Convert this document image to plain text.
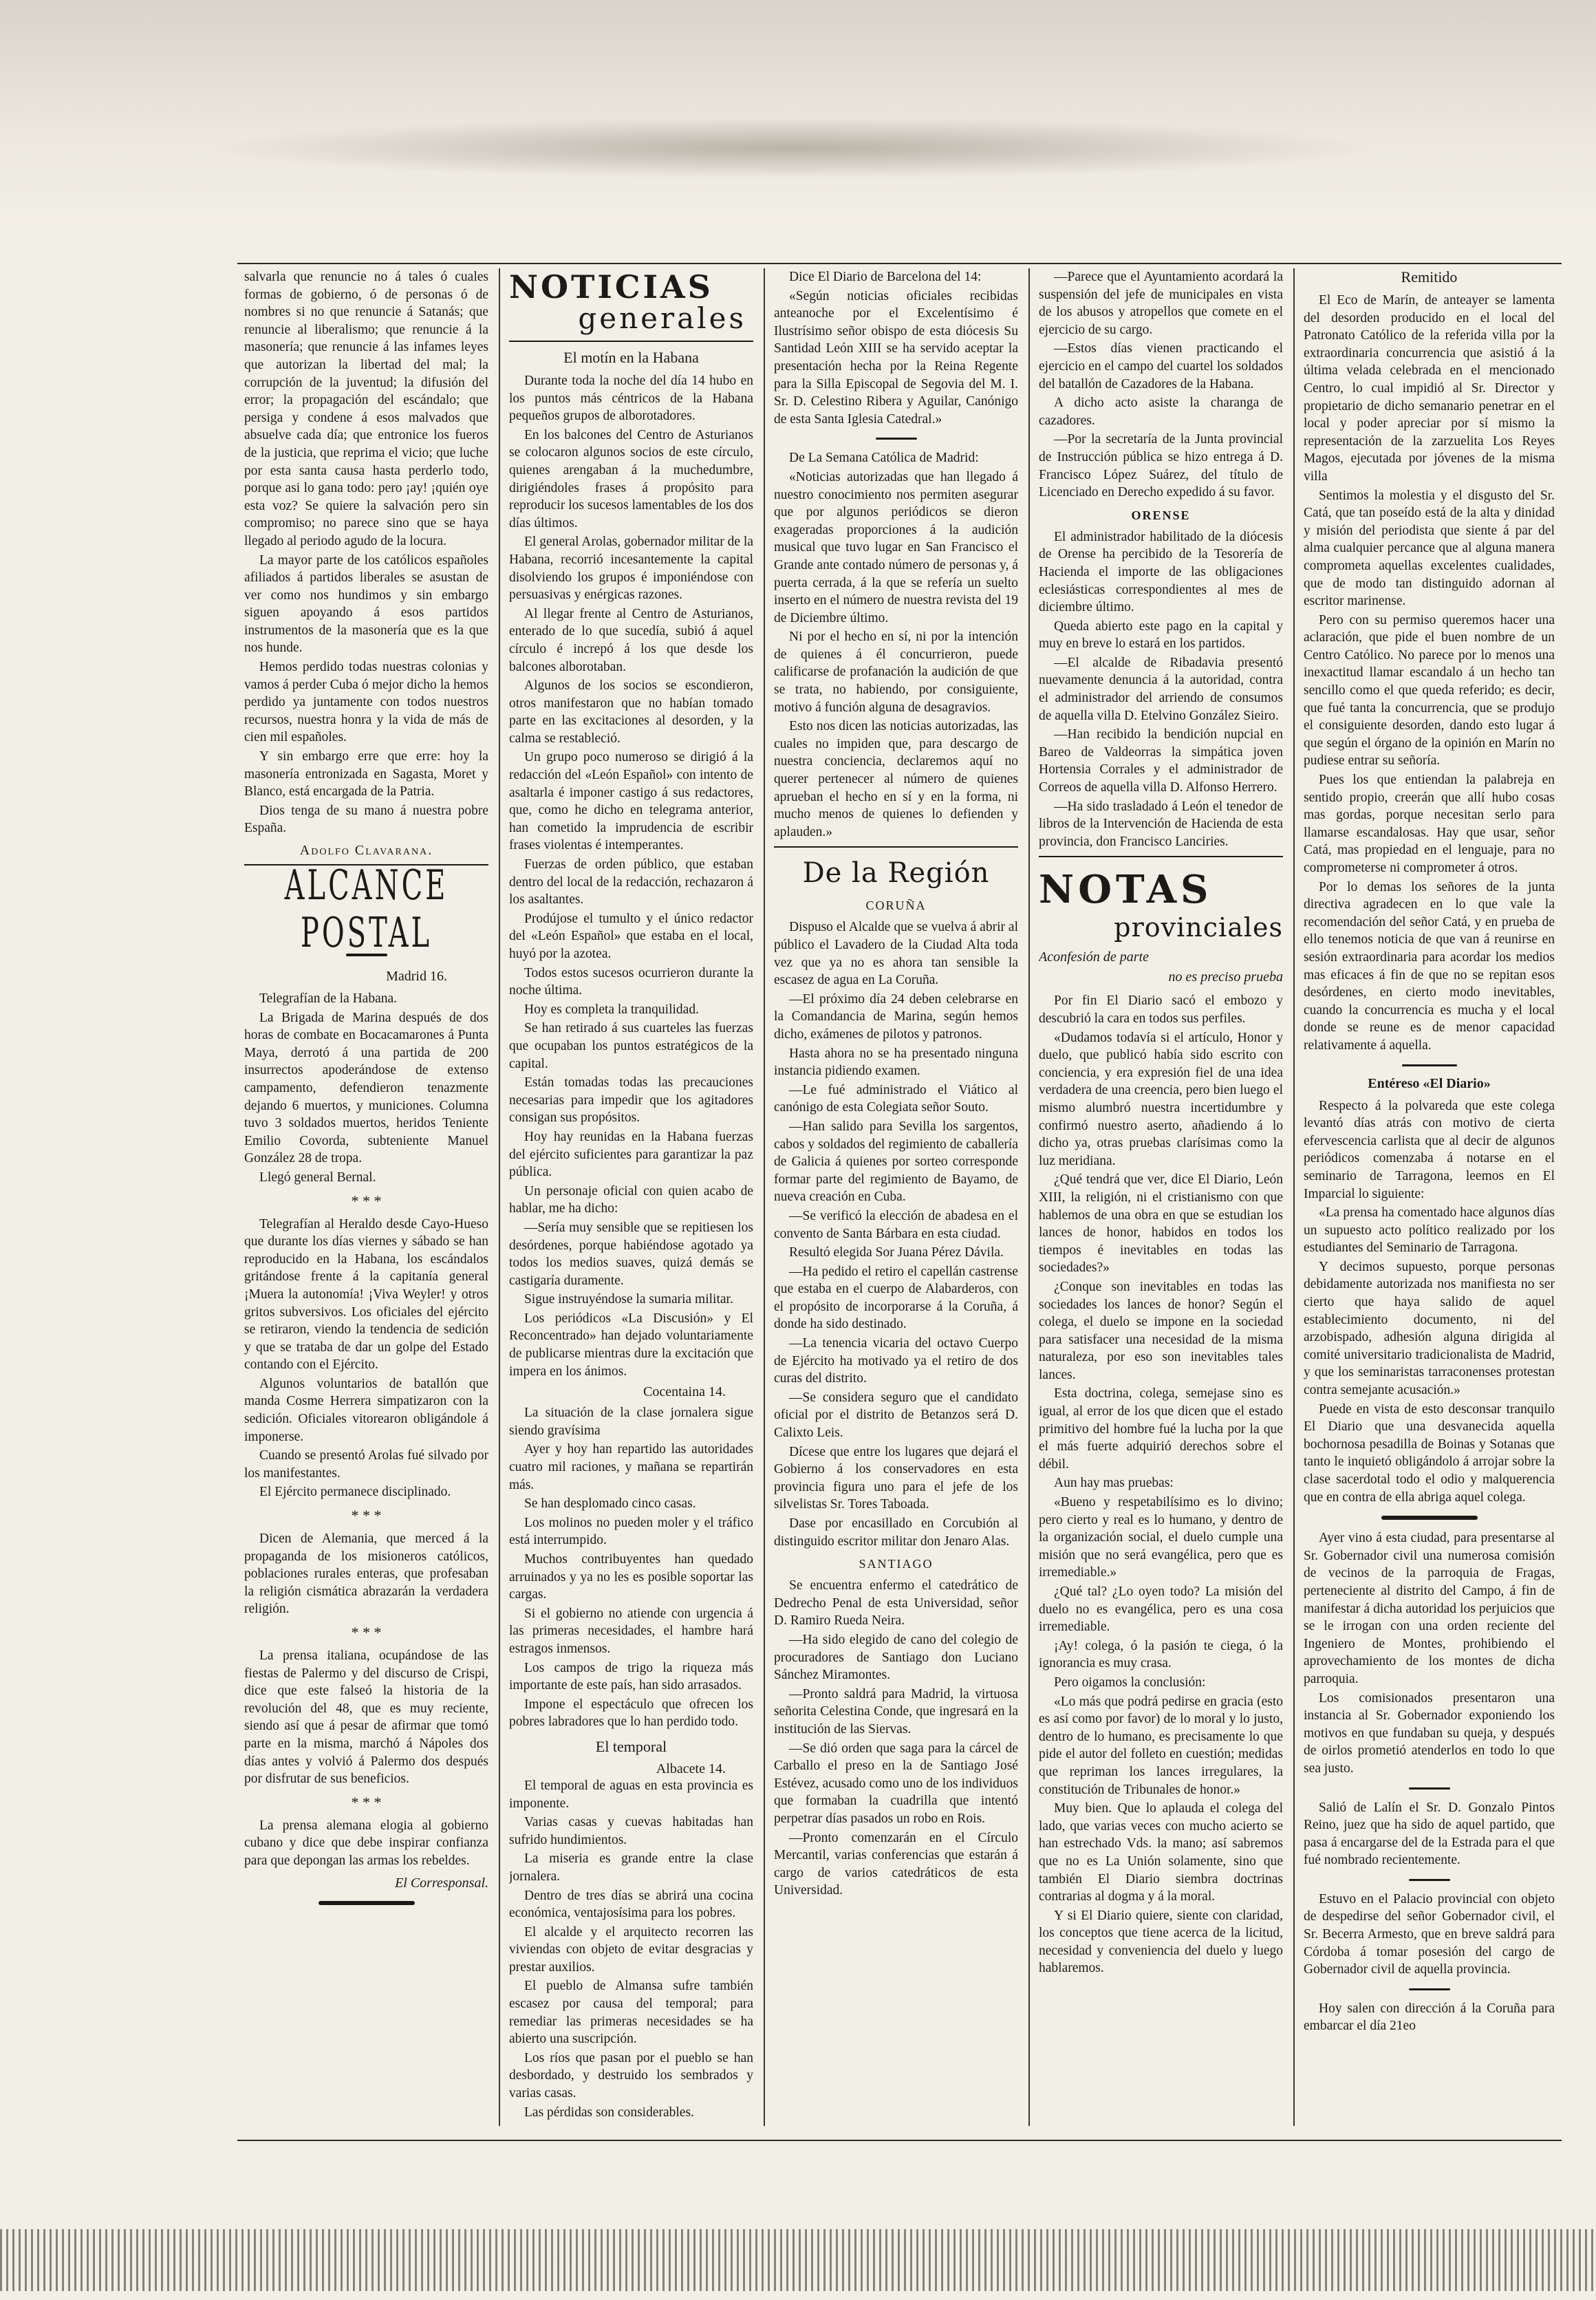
salvarla que renuncie no á tales ó cuales formas de gobierno, ó de personas ó de nombres si no que renuncie á Satanás; que renuncie al liberalismo; que renuncie á la masonería; que renuncie á las infames leyes que autorizan la libertad del mal; la corrupción de la juventud; la difusión del error; la propagación del escándalo; que persiga y condene á esos malvados que absuelve cada día; que entronice los fueros de la justicia, que reprima el vicio; que luche por esta santa causa hasta perderlo todo, porque asi lo gana todo: pero ¡ay! ¡quién oye esta voz? Se quiere la salvación pero sin compromiso; no parece sino que se haya llegado al periodo agudo de la locura.

La mayor parte de los católicos españoles afiliados á partidos liberales se asustan de ver como nos hundimos y sin embargo siguen apoyando á esos partidos instrumentos de la masonería que es la que nos hunde.

Hemos perdido todas nuestras colonias y vamos á perder Cuba ó mejor dicho la hemos perdido ya juntamente con todos nuestros recursos, nuestra honra y la vida de más de cien mil españoles.

Y sin embargo erre que erre: hoy la masonería entronizada en Sagasta, Moret y Blanco, está encargada de la Patria.

Dios tenga de su mano á nuestra pobre España.

Adolfo Clavarana.
ALCANCE POSTAL
Madrid 16.

Telegrafían de la Habana.

La Brigada de Marina después de dos horas de combate en Bocacamarones á Punta Maya, derrotó á una partida de 200 insurrectos apoderándose de extenso campamento, defendieron tenazmente dejando 6 muertos, y municiones. Columna tuvo 3 soldados muertos, heridos Teniente Emilio Covorda, subteniente Manuel González 28 de tropa.

Llegó general Bernal.

* * *

Telegrafían al Heraldo desde Cayo-Hueso que durante los días viernes y sábado se han reproducido en la Habana, los escándalos gritándose frente á la capitanía general ¡Muera la autonomía! ¡Viva Weyler! y otros gritos subversivos. Los oficiales del ejército se retiraron, viendo la tendencia de sedición y que se trataba de dar un golpe del Estado contando con el Ejército.

Algunos voluntarios de batallón que manda Cosme Herrera simpatizaron con la sedición. Oficiales vitorearon obligándole á imponerse.

Cuando se presentó Arolas fué silvado por los manifestantes.

El Ejército permanece disciplinado.

* * *

Dicen de Alemania, que merced á la propaganda de los misioneros católicos, poblaciones rurales enteras, que profesaban la religión cismática abrazarán la verdadera religión.

* * *

La prensa italiana, ocupándose de las fiestas de Palermo y del discurso de Crispi, dice que este falseó la historia de la revolución del 48, que es muy reciente, siendo así que á pesar de afirmar que tomó parte en la misma, marchó á Nápoles dos días antes y volvió á Palermo dos después por disfrutar de sus beneficios.

* * *

La prensa alemana elogia al gobierno cubano y dice que debe inspirar confianza para que depongan las armas los rebeldes.

El Corresponsal.
NOTICIAS
generales
El motín en la Habana

Durante toda la noche del día 14 hubo en los puntos más céntricos de la Habana pequeños grupos de alborotadores.

En los balcones del Centro de Asturianos se colocaron algunos socios de este círculo, quienes arengaban á la muchedumbre, dirigiéndoles frases á propósito para reproducir los sucesos lamentables de los dos días últimos.

El general Arolas, gobernador militar de la Habana, recorrió incesantemente la capital disolviendo los grupos é imponiéndose con persuasivas y enérgicas razones.

Al llegar frente al Centro de Asturianos, enterado de lo que sucedía, subió á aquel círculo é increpó á los que desde los balcones alborotaban.

Algunos de los socios se escondieron, otros manifestaron que no habían tomado parte en las excitaciones al desorden, y la calma se restableció.

Un grupo poco numeroso se dirigió á la redacción del «León Español» con intento de asaltarla é imponer castigo á sus redactores, que, como he dicho en telegrama anterior, han cometido la imprudencia de escribir frases violentas é intemperantes.

Fuerzas de orden público, que estaban dentro del local de la redacción, rechazaron á los asaltantes.

Prodújose el tumulto y el único redactor del «León Español» que estaba en el local, huyó por la azotea.

Todos estos sucesos ocurrieron durante la noche última.

Hoy es completa la tranquilidad.

Se han retirado á sus cuarteles las fuerzas que ocupaban los puntos estratégicos de la capital.

Están tomadas todas las precauciones necesarias para impedir que los agitadores consigan sus propósitos.

Hoy hay reunidas en la Habana fuerzas del ejército suficientes para garantizar la paz pública.

Un personaje oficial con quien acabo de hablar, me ha dicho:

—Sería muy sensible que se repitiesen los desórdenes, porque habiéndose agotado ya todos los medios suaves, quizá demás se castigaría duramente.

Sigue instruyéndose la sumaria militar.

Los periódicos «La Discusión» y El Reconcentrado» han dejado voluntariamente de publicarse mientras dure la excitación que impera en los ánimos.

Cocentaina 14.

La situación de la clase jornalera sigue siendo gravísima

Ayer y hoy han repartido las autoridades cuatro mil raciones, y mañana se repartirán más.

Se han desplomado cinco casas.

Los molinos no pueden moler y el tráfico está interrumpido.

Muchos contribuyentes han quedado arruinados y ya no les es posible soportar las cargas.

Si el gobierno no atiende con urgencia á las primeras necesidades, el hambre hará estragos inmensos.

Los campos de trigo la riqueza más importante de este país, han sido arrasados.

Impone el espectáculo que ofrecen los pobres labradores que lo han perdido todo.

El temporal
Albacete 14.

El temporal de aguas en esta provincia es imponente.

Varias casas y cuevas habitadas han sufrido hundimientos.

La miseria es grande entre la clase jornalera.

Dentro de tres días se abrirá una cocina económica, ventajosísima para los pobres.

El alcalde y el arquitecto recorren las viviendas con objeto de evitar desgracias y prestar auxilios.

El pueblo de Almansa sufre también escasez por causa del temporal; para remediar las primeras necesidades se ha abierto una suscripción.

Los ríos que pasan por el pueblo se han desbordado, y destruido los sembrados y varias casas.

Las pérdidas son considerables.

Dice El Diario de Barcelona del 14:

«Según noticias oficiales recibidas anteanoche por el Excelentísimo é Ilustrísimo señor obispo de esta diócesis Su Santidad León XIII se ha servido aceptar la presentación hecha por la Reina Regente para la Silla Episcopal de Segovia del M. I. Sr. D. Celestino Ribera y Aguilar, Canónigo de esta Santa Iglesia Catedral.»

De La Semana Católica de Madrid:

«Noticias autorizadas que han llegado á nuestro conocimiento nos permiten asegurar que por algunos periódicos se dieron exageradas proporciones á la audición musical que tuvo lugar en San Francisco el Grande ante contado número de personas y, á puerta cerrada, á la que se refería un suelto inserto en el número de nuestra revista del 19 de Diciembre último.

Ni por el hecho en sí, ni por la intención de quienes á él concurrieron, puede calificarse de profanación la audición de que se trata, no habiendo, por consiguiente, motivo á función alguna de desagravios.

Esto nos dicen las noticias autorizadas, las cuales no impiden que, para descargo de nuestra conciencia, declaremos aquí no querer pertenecer al número de quienes aprueban el hecho en sí y en la forma, ni mucho menos de quienes lo defienden y aplauden.»

De la Región
CORUÑA

Dispuso el Alcalde que se vuelva á abrir al público el Lavadero de la Ciudad Alta toda vez que ya no es ahora tan sensible la escasez de agua en La Coruña.

—El próximo día 24 deben celebrarse en la Comandancia de Marina, según hemos dicho, exámenes de pilotos y patronos.

Hasta ahora no se ha presentado ninguna instancia pidiendo examen.

—Le fué administrado el Viático al canónigo de esta Colegiata señor Souto.

—Han salido para Sevilla los sargentos, cabos y soldados del regimiento de caballería de Galicia á quienes por sorteo corresponde formar parte del regimiento de Bayamo, de nueva creación en Cuba.

—Se verificó la elección de abadesa en el convento de Santa Bárbara en esta ciudad.

Resultó elegida Sor Juana Pérez Dávila.

—Ha pedido el retiro el capellán castrense que estaba en el cuerpo de Alabarderos, con el propósito de incorporarse á la Coruña, á donde ha sido destinado.

—La tenencia vicaria del octavo Cuerpo de Ejército ha motivado ya el retiro de dos curas del distrito.

—Se considera seguro que el candidato oficial por el distrito de Betanzos será D. Calixto Leis.

Dícese que entre los lugares que dejará el Gobierno á los conservadores en esta provincia figura uno para el jefe de los silvelistas Sr. Tores Taboada.

Dase por encasillado en Corcubión al distinguido escritor militar don Jenaro Alas.

SANTIAGO

Se encuentra enfermo el catedrático de Dedrecho Penal de esta Universidad, señor D. Ramiro Rueda Neira.

—Ha sido elegido de cano del colegio de procuradores de Santiago don Luciano Sánchez Miramontes.

—Pronto saldrá para Madrid, la virtuosa señorita Celestina Conde, que ingresará en la institución de las Siervas.

—Se dió orden que saga para la cárcel de Carballo el preso en la de Santiago José Estévez, acusado como uno de los individuos que formaban la cuadrilla que intentó perpetrar días pasados un robo en Rois.

—Pronto comenzarán en el Círculo Mercantil, varias conferencias que estarán á cargo de varios catedráticos de esta Universidad.

—Parece que el Ayuntamiento acordará la suspensión del jefe de municipales en vista de los abusos y atropellos que comete en el ejercicio de su cargo.

—Estos días vienen practicando el ejercicio en el campo del cuartel los soldados del batallón de Cazadores de la Habana.

A dicho acto asiste la charanga de cazadores.

—Por la secretaría de la Junta provincial de Instrucción pública se hizo entrega á D. Francisco López Suárez, del título de Licenciado en Derecho expedido á su favor.

ORENSE

El administrador habilitado de la diócesis de Orense ha percibido de la Tesorería de Hacienda el importe de las obligaciones eclesiásticas correspondientes al mes de diciembre último.

Queda abierto este pago en la capital y muy en breve lo estará en los partidos.

—El alcalde de Ribadavia presentó nuevamente denuncia á la autoridad, contra el administrador del arriendo de consumos de aquella villa D. Etelvino González Sieiro.

—Han recibido la bendición nupcial en Bareo de Valdeorras la simpática joven Hortensia Corrales y el administrador de Correos de aquella villa D. Alfonso Herrero.

—Ha sido trasladado á León el tenedor de libros de la Intervención de Hacienda de esta provincia, don Francisco Lanciries.

NOTAS
provinciales
Aconfesión de parte
no es preciso prueba

Por fin El Diario sacó el embozo y descubrió la cara en todos sus perfiles.

«Dudamos todavía si el artículo, Honor y duelo, que publicó había sido escrito con conciencia, y era expresión fiel de una idea verdadera de una creencia, pero bien luego el mismo alumbró nuestra incertidumbre y confirmó nuestro aserto, añadiendo á lo dicho ya, otras pruebas clarísimas como la luz meridiana.

¿Qué tendrá que ver, dice El Diario, León XIII, la religión, ni el cristianismo con que hablemos de una obra en que se estudian los lances de honor, habidos en todos los tiempos é inevitables en todas las sociedades?»

¿Conque son inevitables en todas las sociedades los lances de honor? Según el colega, el duelo se impone en la sociedad para satisfacer una necesidad de la misma naturaleza, por eso son inevitables tales lances.

Esta doctrina, colega, semejase sino es igual, al error de los que dicen que el estado primitivo del hombre fué la lucha por la que el más fuerte adquirió derechos sobre el débil.

Aun hay mas pruebas:

«Bueno y respetabilísimo es lo divino; pero cierto y real es lo humano, y dentro de la organización social, el duelo cumple una misión que no será evangélica, pero que es irremediable.»

¿Qué tal? ¿Lo oyen todo? La misión del duelo no es evangélica, pero es una cosa irremediable.

¡Ay! colega, ó la pasión te ciega, ó la ignorancia es muy crasa.

Pero oigamos la conclusión:

«Lo más que podrá pedirse en gracia (esto es así como por favor) de lo moral y lo justo, dentro de lo humano, es precisamente lo que pide el autor del folleto en cuestión; medidas que repriman los lances irregulares, la constitución de Tribunales de honor.»

Muy bien. Que lo aplauda el colega del lado, que varias veces con mucho acierto se han estrechado Vds. la mano; así sabremos que no es La Unión solamente, sino que también El Diario siembra doctrinas contrarias al dogma y á la moral.

Y si El Diario quiere, siente con claridad, los conceptos que tiene acerca de la licitud, necesidad y conveniencia del duelo y luego hablaremos.

Remitido

El Eco de Marín, de anteayer se lamenta del desorden producido en el local del Patronato Católico de la referida villa por la extraordinaria concurrencia que asistió á la última velada celebrada en el mencionado Centro, lo cual impidió al Sr. Director y propietario de dicho semanario penetrar en el local y poder apreciar por sí mismo la representación de la zarzuelita Los Reyes Magos, ejecutada por jóvenes de la misma villa

Sentimos la molestia y el disgusto del Sr. Catá, que tan poseído está de la alta y dinidad y misión del periodista que siente á par del alma cualquier percance que al alguna manera comprometa aquellas excelentes cualidades, que de modo tan distinguido adornan al escritor marinense.

Pero con su permiso queremos hacer una aclaración, que pide el buen nombre de un Centro Católico. No parece por lo menos una inexactitud llamar escandalo á un hecho tan sencillo como el que queda referido; es decir, que fué tanta la concurrencia, que se produjo el consiguiente desorden, dando esto lugar á que según el órgano de la opinión en Marín no pudiese entrar su señoría.

Pues los que entiendan la palabreja en sentido propio, creerán que allí hubo cosas mas gordas, porque necesitan serlo para llamarse escandalosas. Hay que usar, señor Catá, mas propiedad en el lenguaje, para no comprometerse ni comprometer á otros.

Por lo demas los señores de la junta directiva agradecen en lo que vale la recomendación del señor Catá, y en prueba de ello tenemos noticia de que van á reunirse en sesión extraordinaria para acordar los medios mas eficaces á fin de que no se repitan esos desórdenes, en cierto modo inevitables, cuando la concurrencia es mucha y el local donde se reune es de menor capacidad relativamente á aquella.

Entéreso «El Diario»

Respecto á la polvareda que este colega levantó días atrás con motivo de cierta efervescencia carlista que al decir de algunos periódicos comenzaba á notarse en el seminario de Tarragona, leemos en El Imparcial lo siguiente:

«La prensa ha comentado hace algunos días un supuesto acto político realizado por los estudiantes del Seminario de Tarragona.

Y decimos supuesto, porque personas debidamente autorizada nos manifiesta no ser cierto que haya salido de aquel establecimiento documento, ni del arzobispado, adhesión alguna dirigida al comité universitario tradicionalista de Madrid, y que los seminaristas tarraconenses protestan contra semejante acusación.»

Puede en vista de esto desconsar tranquilo El Diario que una desvanecida aquella bochornosa pesadilla de Boinas y Sotanas que tanto le inquietó obligándolo á arrojar sobre la clase sacerdotal todo el odio y malquerencia que en contra de ella abriga aquel colega.

Ayer vino á esta ciudad, para presentarse al Sr. Gobernador civil una numerosa comisión de vecinos de la parroquia de Fragas, perteneciente al distrito del Campo, á fin de manifestar á dicha autoridad los perjuicios que se le irrogan con una orden reciente del Ingeniero de Montes, prohibiendo el aprovechamiento de los montes de dicha parroquia.

Los comisionados presentaron una instancia al Sr. Gobernador exponiendo los motivos en que fundaban su queja, y después de oirlos prometió atenderlos en todo lo que sea justo.

Salió de Lalín el Sr. D. Gonzalo Pintos Reino, juez que ha sido de aquel partido, que pasa á encargarse del de la Estrada para el que fué nombrado recientemente.

Estuvo en el Palacio provincial con objeto de despedirse del señor Gobernador civil, el Sr. Becerra Armesto, que en breve saldrá para Córdoba á tomar posesión del cargo de Gobernador civil de aquella provincia.

Hoy salen con dirección á la Coruña para embarcar el día 21eo
